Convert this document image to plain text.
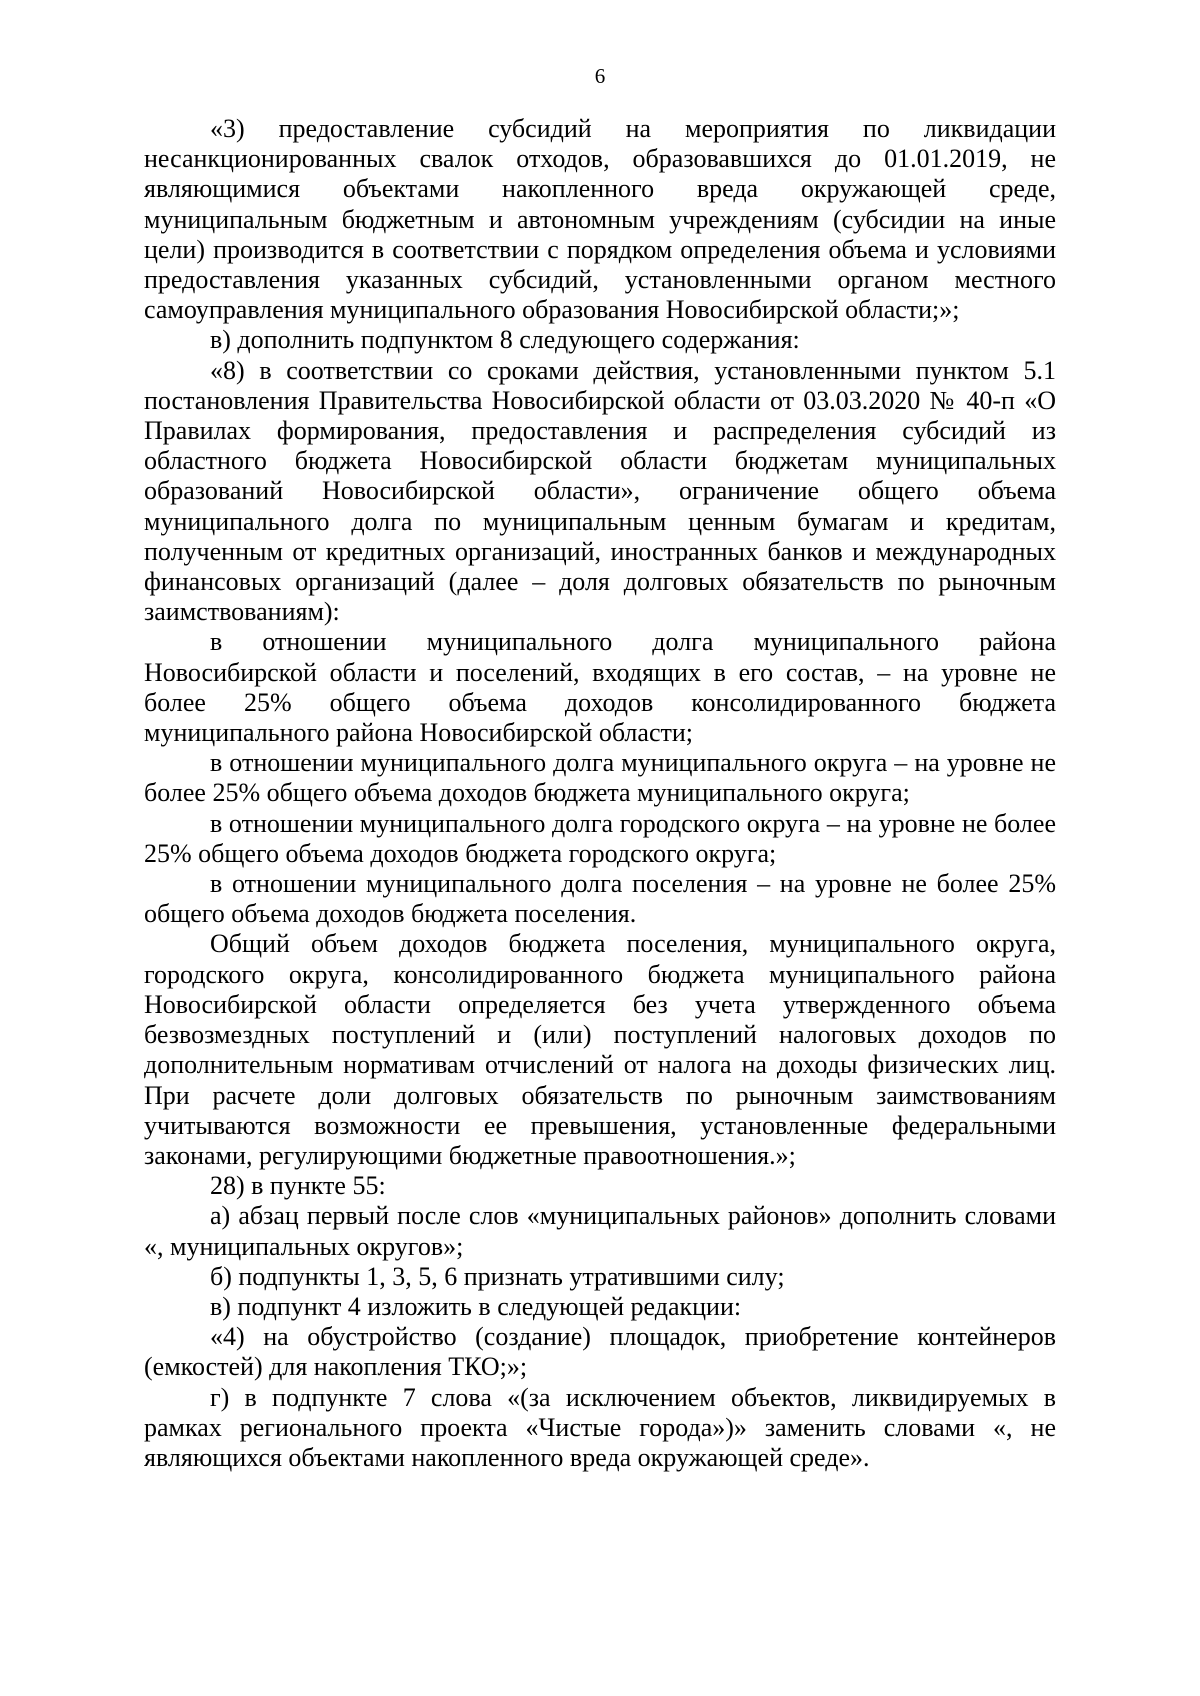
6

«3) предоставление субсидий на мероприятия по ликвидации несанкционированных свалок отходов, образовавшихся до 01.01.2019, не являющимися объектами накопленного вреда окружающей среде, муниципальным бюджетным и автономным учреждениям (субсидии на иные цели) производится в соответствии с порядком определения объема и условиями предоставления указанных субсидий, установленными органом местного самоуправления муниципального образования Новосибирской области;»;

в) дополнить подпунктом 8 следующего содержания:

«8) в соответствии со сроками действия, установленными пунктом 5.1 постановления Правительства Новосибирской области от 03.03.2020 № 40-п «О Правилах формирования, предоставления и распределения субсидий из областного бюджета Новосибирской области бюджетам муниципальных образований Новосибирской области», ограничение общего объема муниципального долга по муниципальным ценным бумагам и кредитам, полученным от кредитных организаций, иностранных банков и международных финансовых организаций (далее – доля долговых обязательств по рыночным заимствованиям):

в отношении муниципального долга муниципального района Новосибирской области и поселений, входящих в его состав, – на уровне не более 25% общего объема доходов консолидированного бюджета муниципального района Новосибирской области;

в отношении муниципального долга муниципального округа – на уровне не более 25% общего объема доходов бюджета муниципального округа;

в отношении муниципального долга городского округа – на уровне не более 25% общего объема доходов бюджета городского округа;

в отношении муниципального долга поселения – на уровне не более 25% общего объема доходов бюджета поселения.

Общий объем доходов бюджета поселения, муниципального округа, городского округа, консолидированного бюджета муниципального района Новосибирской области определяется без учета утвержденного объема безвозмездных поступлений и (или) поступлений налоговых доходов по дополнительным нормативам отчислений от налога на доходы физических лиц. При расчете доли долговых обязательств по рыночным заимствованиям учитываются возможности ее превышения, установленные федеральными законами, регулирующими бюджетные правоотношения.»;

28) в пункте 55:

а) абзац первый после слов «муниципальных районов» дополнить словами «, муниципальных округов»;

б) подпункты 1, 3, 5, 6 признать утратившими силу;

в) подпункт 4 изложить в следующей редакции:

«4) на обустройство (создание) площадок, приобретение контейнеров (емкостей) для накопления ТКО;»;

г) в подпункте 7 слова «(за исключением объектов, ликвидируемых в рамках регионального проекта «Чистые города»)» заменить словами «, не являющихся объектами накопленного вреда окружающей среде».
